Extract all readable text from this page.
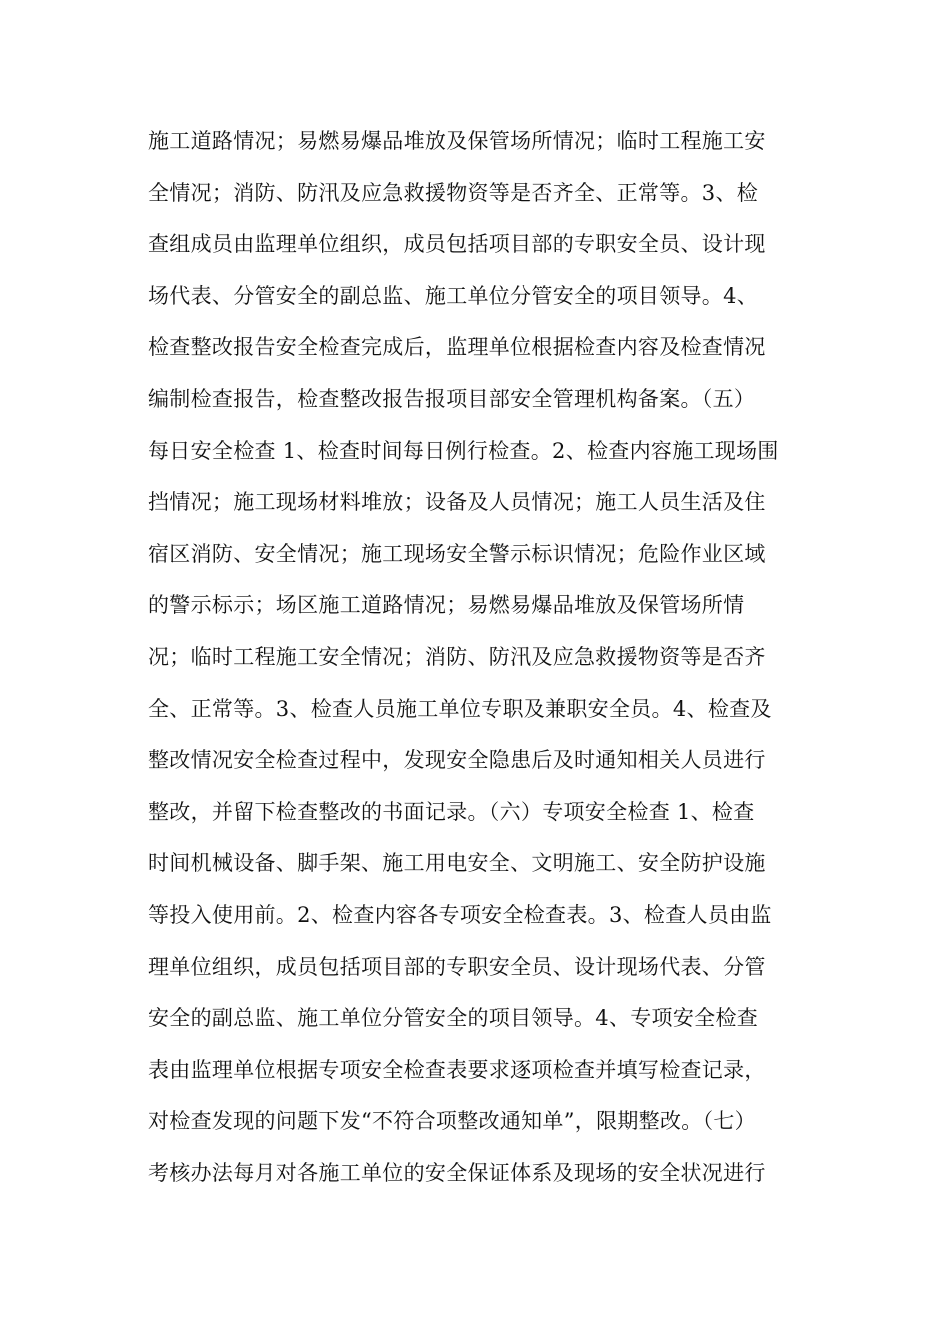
施工道路情况；易燃易爆品堆放及保管场所情况；临时工程施工安
全情况；消防、防汛及应急救援物资等是否齐全、正常等。3、检
查组成员由监理单位组织，成员包括项目部的专职安全员、设计现
场代表、分管安全的副总监、施工单位分管安全的项目领导。4、
检查整改报告安全检查完成后，监理单位根据检查内容及检查情况
编制检查报告，检查整改报告报项目部安全管理机构备案。（五）
每日安全检查 1、检查时间每日例行检查。2、检查内容施工现场围
挡情况；施工现场材料堆放；设备及人员情况；施工人员生活及住
宿区消防、安全情况；施工现场安全警示标识情况；危险作业区域
的警示标示；场区施工道路情况；易燃易爆品堆放及保管场所情
况；临时工程施工安全情况；消防、防汛及应急救援物资等是否齐
全、正常等。3、检查人员施工单位专职及兼职安全员。4、检查及
整改情况安全检查过程中，发现安全隐患后及时通知相关人员进行
整改，并留下检查整改的书面记录。（六）专项安全检查 1、检查
时间机械设备、脚手架、施工用电安全、文明施工、安全防护设施
等投入使用前。2、检查内容各专项安全检查表。3、检查人员由监
理单位组织，成员包括项目部的专职安全员、设计现场代表、分管
安全的副总监、施工单位分管安全的项目领导。4、专项安全检查
表由监理单位根据专项安全检查表要求逐项检查并填写检查记录，
对检查发现的问题下发“不符合项整改通知单”，限期整改。（七）
考核办法每月对各施工单位的安全保证体系及现场的安全状况进行
